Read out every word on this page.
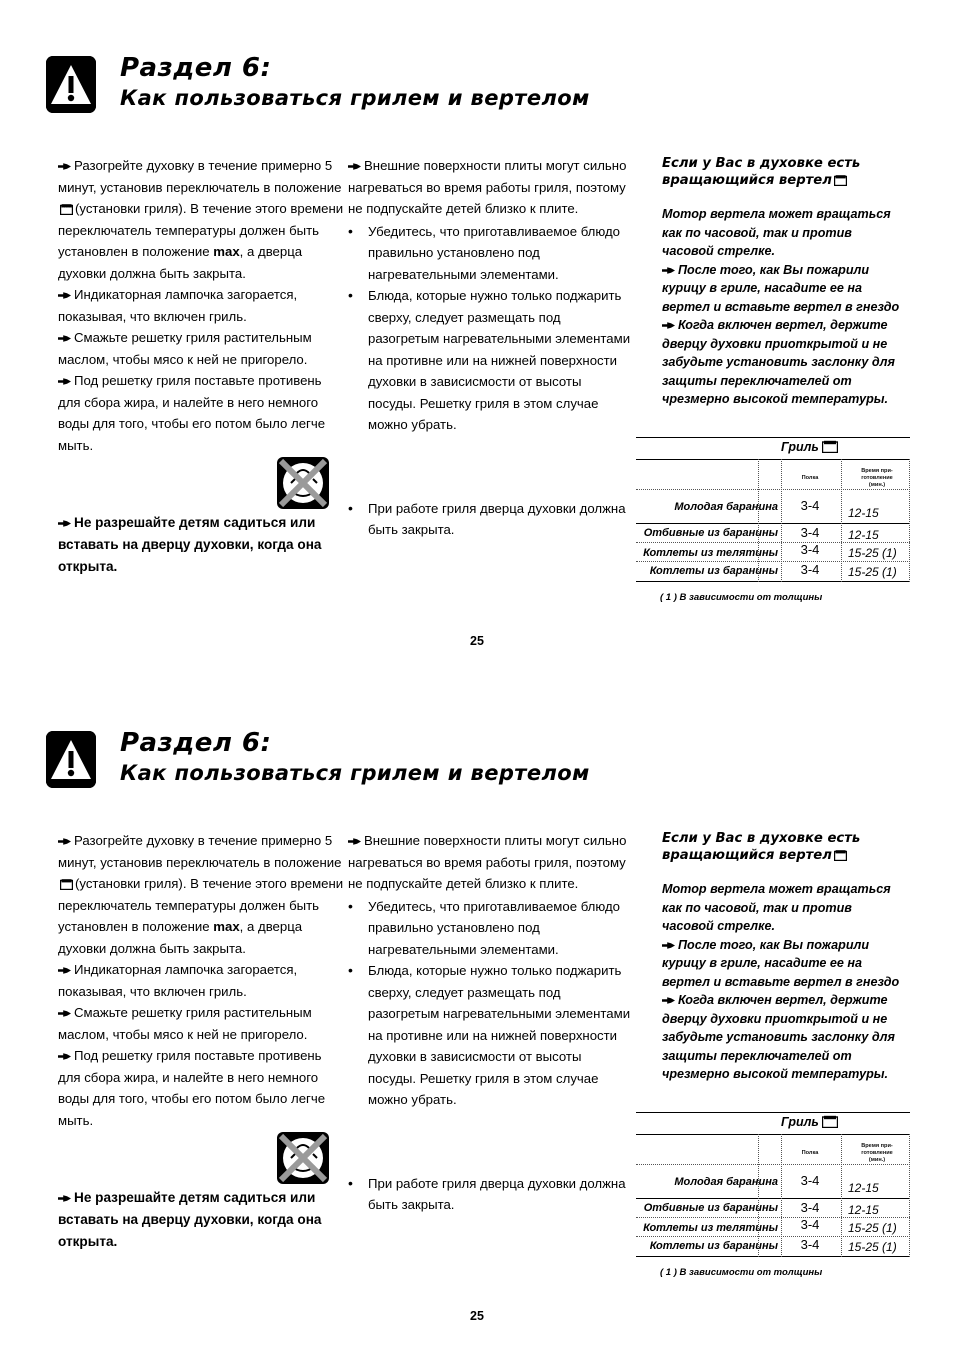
Раздел 6:
Как пользоваться грилем и вертелом
Разогрейте духовку в течение примерно 5 минут, установив переключатель в положение
(установки гриля). В течение этого времени переключатель температуры должен быть установлен в положение max, а дверца духовки должна быть закрыта.
Индикаторная лампочка загорается, показывая, что включен гриль.
Смажьте решетку гриля растительным маслом, чтобы мясо к ней не пригорело.
Под решетку гриля поставьте противень для сбора жира, и налейте в него немного воды для того, чтобы его потом было легче мыть.
Не разрешайте детям садиться или вставать на дверцу духовки, когда она открыта.
Внешние поверхности плиты могут сильно нагреваться во время работы гриля, поэтому не подпускайте детей близко к плите.
•	Убедитесь, что приготавливаемое блюдо правильно установлено под нагревательными элементами.
•	Блюда, которые нужно только поджарить сверху, следует размещать под разогретым нагревательными элементами на противне или на нижней поверхности духовки в зависисмости от высоты посуды. Решетку гриля в этом случае можно убрать.
•	При работе гриля дверца духовки должна быть закрыта.
Если у Вас в духовке есть
вращающийся вертел
Мотор вертела может вращаться как по часовой, так и против часовой стрелке.
После того, как Вы пожарили курицу в гриле, насадите ее на вертел и вставьте вертел в гнездо
Когда включен вертел, держите дверцу духовки приоткрытой и не забудьте установить заслонку для защиты переключателей от чрезмерно высокой температуры.
Гриль
Полка
Время при-
готовление
(мин.)
Молодая баранина	3-4	12-15
Отбивные из баранины	3-4	12-15
Котлеты из телятины	3-4	15-25 (1)
Котлеты из баранины	3-4	15-25 (1)
( 1 ) В зависимости от толщины
25
Раздел 6:
Как пользоваться грилем и вертелом
Разогрейте духовку в течение примерно 5 минут, установив переключатель в положение
(установки гриля). В течение этого времени переключатель температуры должен быть установлен в положение max, а дверца духовки должна быть закрыта.
Индикаторная лампочка загорается, показывая, что включен гриль.
Смажьте решетку гриля растительным маслом, чтобы мясо к ней не пригорело.
Под решетку гриля поставьте противень для сбора жира, и налейте в него немного воды для того, чтобы его потом было легче мыть.
Не разрешайте детям садиться или вставать на дверцу духовки, когда она открыта.
Внешние поверхности плиты могут сильно нагреваться во время работы гриля, поэтому не подпускайте детей близко к плите.
•	Убедитесь, что приготавливаемое блюдо правильно установлено под нагревательными элементами.
•	Блюда, которые нужно только поджарить сверху, следует размещать под разогретым нагревательными элементами на противне или на нижней поверхности духовки в зависисмости от высоты посуды. Решетку гриля в этом случае можно убрать.
•	При работе гриля дверца духовки должна быть закрыта.
Если у Вас в духовке есть
вращающийся вертел
Мотор вертела может вращаться как по часовой, так и против часовой стрелке.
После того, как Вы пожарили курицу в гриле, насадите ее на вертел и вставьте вертел в гнездо
Когда включен вертел, держите дверцу духовки приоткрытой и не забудьте установить заслонку для защиты переключателей от чрезмерно высокой температуры.
Гриль
Полка
Время при-
готовление
(мин.)
Молодая баранина	3-4	12-15
Отбивные из баранины	3-4	12-15
Котлеты из телятины	3-4	15-25 (1)
Котлеты из баранины	3-4	15-25 (1)
( 1 ) В зависимости от толщины
25
